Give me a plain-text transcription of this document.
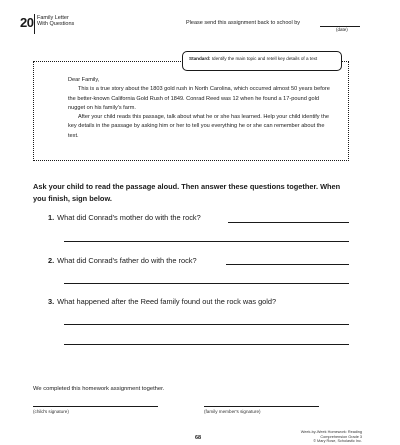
20 Family Letter
With Questions	Please send this assignment back to school by
(date)
Standard: Identify the main topic and retell key details of a text

Dear Family,

This is a true story about the 1803 gold rush in North Carolina, which occurred almost 50 years before the better-known California Gold Rush of 1849. Conrad Reed was 12 when he found a 17-pound gold nugget on his family's farm.

After your child reads this passage, talk about what he or she has learned. Help your child identify the key details in the passage by asking him or her to tell you everything he or she can remember about the text.

Ask your child to read the passage aloud. Then answer these questions together. When you finish, sign below.
1. What did Conrad's mother do with the rock?
2. What did Conrad's father do with the rock?
3. What happened after the Reed family found out the rock was gold?
We completed this homework assignment together.
(child's signature)	(family member's signature)
68
Week-by-Week Homework: Reading Comprehension Grade 3
© Mary Rose, Scholastic Inc.
